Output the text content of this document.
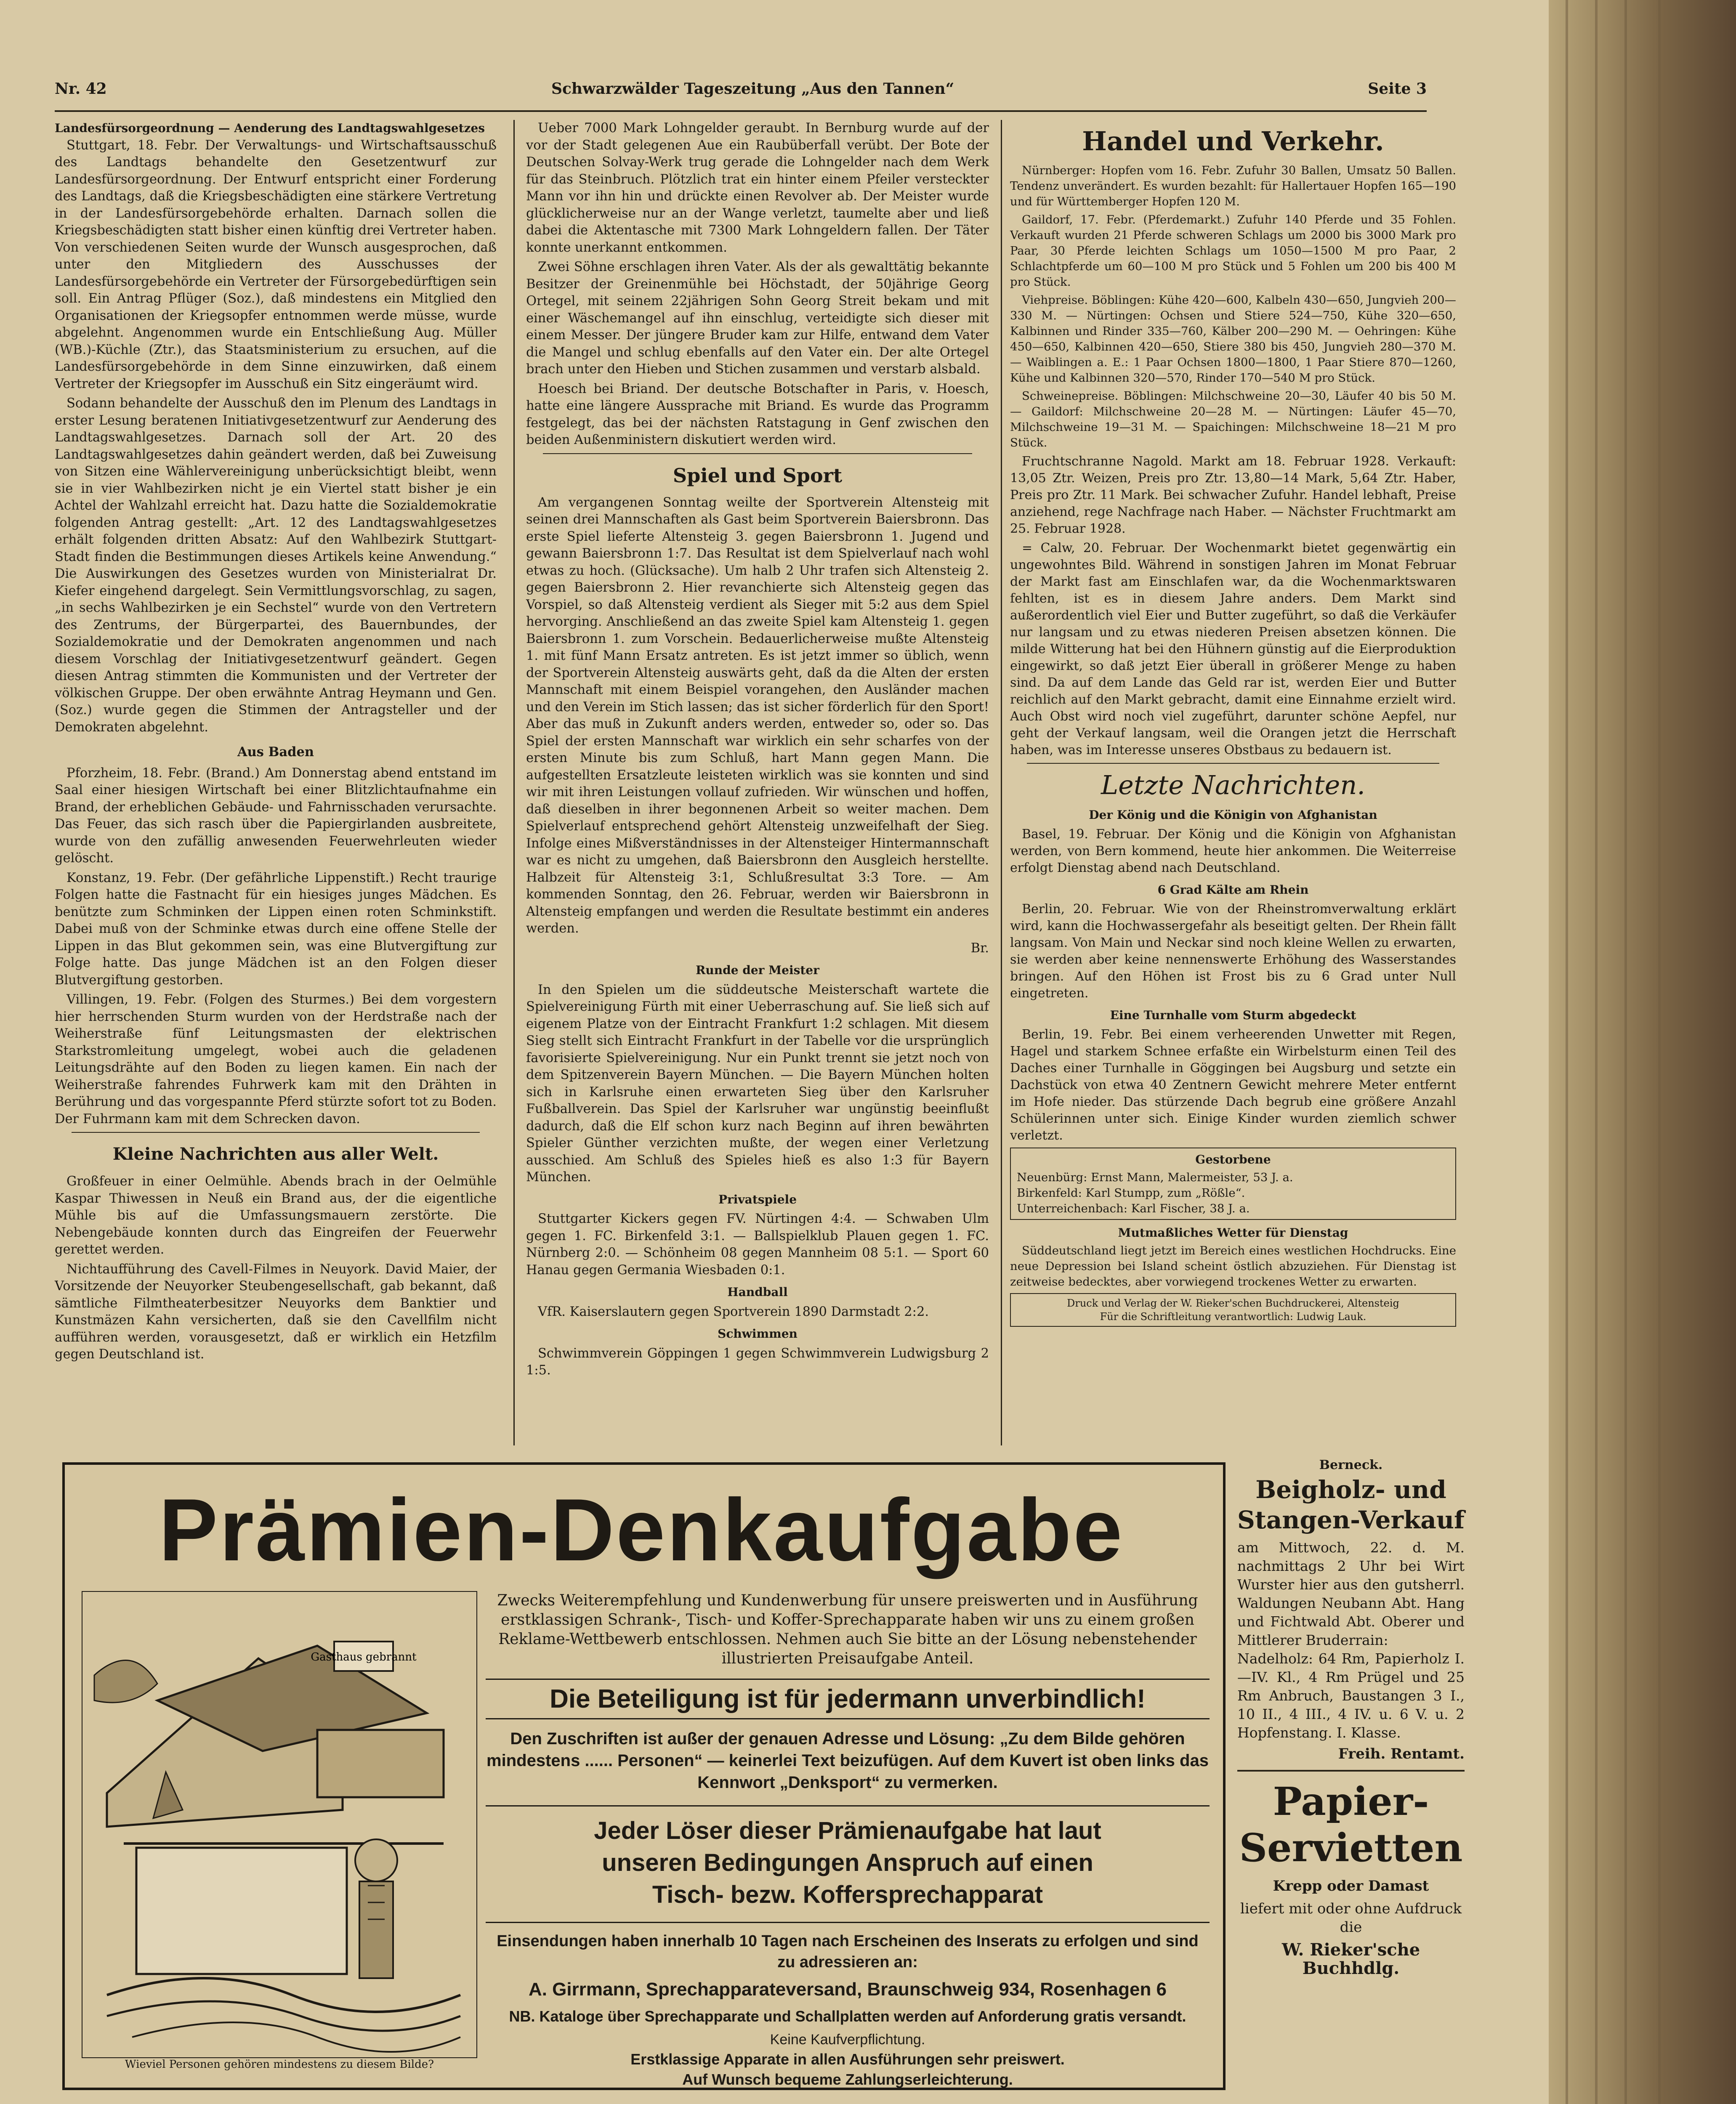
Nr. 42	Schwarzwälder Tageszeitung „Aus den Tannen“	Seite 3
Landesfürsorgeordnung — Aenderung des Landtagswahlgesetzes

Stuttgart, 18. Febr. Der Verwaltungs- und Wirtschaftsausschuß des Landtags behandelte den Gesetzentwurf zur Landesfürsorgeordnung. Der Entwurf entspricht einer Forderung des Landtags, daß die Kriegsbeschädigten eine stärkere Vertretung in der Landesfürsorgebehörde erhalten. Darnach sollen die Kriegsbeschädigten statt bisher einen künftig drei Vertreter haben. Von verschiedenen Seiten wurde der Wunsch ausgesprochen, daß unter den Mitgliedern des Ausschusses der Landesfürsorgebehörde ein Vertreter der Fürsorgebedürftigen sein soll. Ein Antrag Pflüger (Soz.), daß mindestens ein Mitglied den Organisationen der Kriegsopfer entnommen werde müsse, wurde abgelehnt. Angenommen wurde ein Entschließung Aug. Müller (WB.)-Küchle (Ztr.), das Staatsministerium zu ersuchen, auf die Landesfürsorgebehörde in dem Sinne einzuwirken, daß einem Vertreter der Kriegsopfer im Ausschuß ein Sitz eingeräumt wird.

Sodann behandelte der Ausschuß den im Plenum des Landtags in erster Lesung beratenen Initiativgesetzentwurf zur Aenderung des Landtagswahlgesetzes. Darnach soll der Art. 20 des Landtagswahlgesetzes dahin geändert werden, daß bei Zuweisung von Sitzen eine Wählervereinigung unberücksichtigt bleibt, wenn sie in vier Wahlbezirken nicht je ein Viertel statt bisher je ein Achtel der Wahlzahl erreicht hat. Dazu hatte die Sozialdemokratie folgenden Antrag gestellt: „Art. 12 des Landtagswahlgesetzes erhält folgenden dritten Absatz: Auf den Wahlbezirk Stuttgart-Stadt finden die Bestimmungen dieses Artikels keine Anwendung.“ Die Auswirkungen des Gesetzes wurden von Ministerialrat Dr. Kiefer eingehend dargelegt. Sein Vermittlungsvorschlag, zu sagen, „in sechs Wahlbezirken je ein Sechstel“ wurde von den Vertretern des Zentrums, der Bürgerpartei, des Bauernbundes, der Sozialdemokratie und der Demokraten angenommen und nach diesem Vorschlag der Initiativgesetzentwurf geändert. Gegen diesen Antrag stimmten die Kommunisten und der Vertreter der völkischen Gruppe. Der oben erwähnte Antrag Heymann und Gen. (Soz.) wurde gegen die Stimmen der Antragsteller und der Demokraten abgelehnt.

Aus Baden

Pforzheim, 18. Febr. (Brand.) Am Donnerstag abend entstand im Saal einer hiesigen Wirtschaft bei einer Blitzlichtaufnahme ein Brand, der erheblichen Gebäude- und Fahrnisschaden verursachte. Das Feuer, das sich rasch über die Papiergirlanden ausbreitete, wurde von den zufällig anwesenden Feuerwehrleuten wieder gelöscht.

Konstanz, 19. Febr. (Der gefährliche Lippenstift.) Recht traurige Folgen hatte die Fastnacht für ein hiesiges junges Mädchen. Es benützte zum Schminken der Lippen einen roten Schminkstift. Dabei muß von der Schminke etwas durch eine offene Stelle der Lippen in das Blut gekommen sein, was eine Blutvergiftung zur Folge hatte. Das junge Mädchen ist an den Folgen dieser Blutvergiftung gestorben.

Villingen, 19. Febr. (Folgen des Sturmes.) Bei dem vorgestern hier herrschenden Sturm wurden von der Herdstraße nach der Weiherstraße fünf Leitungsmasten der elektrischen Starkstromleitung umgelegt, wobei auch die geladenen Leitungsdrähte auf den Boden zu liegen kamen. Ein nach der Weiherstraße fahrendes Fuhrwerk kam mit den Drähten in Berührung und das vorgespannte Pferd stürzte sofort tot zu Boden. Der Fuhrmann kam mit dem Schrecken davon.

Kleine Nachrichten aus aller Welt.

Großfeuer in einer Oelmühle. Abends brach in der Oelmühle Kaspar Thiwessen in Neuß ein Brand aus, der die eigentliche Mühle bis auf die Umfassungsmauern zerstörte. Die Nebengebäude konnten durch das Eingreifen der Feuerwehr gerettet werden.

Nichtaufführung des Cavell-Filmes in Neuyork. David Maier, der Vorsitzende der Neuyorker Steubengesellschaft, gab bekannt, daß sämtliche Filmtheaterbesitzer Neuyorks dem Banktier und Kunstmäzen Kahn versicherten, daß sie den Cavellfilm nicht aufführen werden, vorausgesetzt, daß er wirklich ein Hetzfilm gegen Deutschland ist.

Ueber 7000 Mark Lohngelder geraubt. In Bernburg wurde auf der vor der Stadt gelegenen Aue ein Raubüberfall verübt. Der Bote der Deutschen Solvay-Werk trug gerade die Lohngelder nach dem Werk für das Steinbruch. Plötzlich trat ein hinter einem Pfeiler versteckter Mann vor ihn hin und drückte einen Revolver ab. Der Meister wurde glücklicherweise nur an der Wange verletzt, taumelte aber und ließ dabei die Aktentasche mit 7300 Mark Lohngeldern fallen. Der Täter konnte unerkannt entkommen.

Zwei Söhne erschlagen ihren Vater. Als der als gewalttätig bekannte Besitzer der Greinenmühle bei Höchstadt, der 50jährige Georg Ortegel, mit seinem 22jährigen Sohn Georg Streit bekam und mit einer Wäschemangel auf ihn einschlug, verteidigte sich dieser mit einem Messer. Der jüngere Bruder kam zur Hilfe, entwand dem Vater die Mangel und schlug ebenfalls auf den Vater ein. Der alte Ortegel brach unter den Hieben und Stichen zusammen und verstarb alsbald.

Hoesch bei Briand. Der deutsche Botschafter in Paris, v. Hoesch, hatte eine längere Aussprache mit Briand. Es wurde das Programm festgelegt, das bei der nächsten Ratstagung in Genf zwischen den beiden Außenministern diskutiert werden wird.

Spiel und Sport

Am vergangenen Sonntag weilte der Sportverein Altensteig mit seinen drei Mannschaften als Gast beim Sportverein Baiersbronn. Das erste Spiel lieferte Altensteig 3. gegen Baiersbronn 1. Jugend und gewann Baiersbronn 1:7. Das Resultat ist dem Spielverlauf nach wohl etwas zu hoch. (Glücksache). Um halb 2 Uhr trafen sich Altensteig 2. gegen Baiersbronn 2. Hier revanchierte sich Altensteig gegen das Vorspiel, so daß Altensteig verdient als Sieger mit 5:2 aus dem Spiel hervorging. Anschließend an das zweite Spiel kam Altensteig 1. gegen Baiersbronn 1. zum Vorschein. Bedauerlicherweise mußte Altensteig 1. mit fünf Mann Ersatz antreten. Es ist jetzt immer so üblich, wenn der Sportverein Altensteig auswärts geht, daß da die Alten der ersten Mannschaft mit einem Beispiel vorangehen, den Ausländer machen und den Verein im Stich lassen; das ist sicher förderlich für den Sport! Aber das muß in Zukunft anders werden, entweder so, oder so. Das Spiel der ersten Mannschaft war wirklich ein sehr scharfes von der ersten Minute bis zum Schluß, hart Mann gegen Mann. Die aufgestellten Ersatzleute leisteten wirklich was sie konnten und sind wir mit ihren Leistungen vollauf zufrieden. Wir wünschen und hoffen, daß dieselben in ihrer begonnenen Arbeit so weiter machen. Dem Spielverlauf entsprechend gehört Altensteig unzweifelhaft der Sieg. Infolge eines Mißverständnisses in der Altensteiger Hintermannschaft war es nicht zu umgehen, daß Baiersbronn den Ausgleich herstellte. Halbzeit für Altensteig 3:1, Schlußresultat 3:3 Tore. — Am kommenden Sonntag, den 26. Februar, werden wir Baiersbronn in Altensteig empfangen und werden die Resultate bestimmt ein anderes werden.

Br.
Runde der Meister

In den Spielen um die süddeutsche Meisterschaft wartete die Spielvereinigung Fürth mit einer Ueberraschung auf. Sie ließ sich auf eigenem Platze von der Eintracht Frankfurt 1:2 schlagen. Mit diesem Sieg stellt sich Eintracht Frankfurt in der Tabelle vor die ursprünglich favorisierte Spielvereinigung. Nur ein Punkt trennt sie jetzt noch von dem Spitzenverein Bayern München. — Die Bayern München holten sich in Karlsruhe einen erwarteten Sieg über den Karlsruher Fußballverein. Das Spiel der Karlsruher war ungünstig beeinflußt dadurch, daß die Elf schon kurz nach Beginn auf ihren bewährten Spieler Günther verzichten mußte, der wegen einer Verletzung ausschied. Am Schluß des Spieles hieß es also 1:3 für Bayern München.

Privatspiele

Stuttgarter Kickers gegen FV. Nürtingen 4:4. — Schwaben Ulm gegen 1. FC. Birkenfeld 3:1. — Ballspielklub Plauen gegen 1. FC. Nürnberg 2:0. — Schönheim 08 gegen Mannheim 08 5:1. — Sport 60 Hanau gegen Germania Wiesbaden 0:1.

Handball

VfR. Kaiserslautern gegen Sportverein 1890 Darmstadt 2:2.

Schwimmen

Schwimmverein Göppingen 1 gegen Schwimmverein Ludwigsburg 2 1:5.

Handel und Verkehr.

Nürnberger: Hopfen vom 16. Febr. Zufuhr 30 Ballen, Umsatz 50 Ballen. Tendenz unverändert. Es wurden bezahlt: für Hallertauer Hopfen 165—190 und für Württemberger Hopfen 120 M.

Gaildorf, 17. Febr. (Pferdemarkt.) Zufuhr 140 Pferde und 35 Fohlen. Verkauft wurden 21 Pferde schweren Schlags um 2000 bis 3000 Mark pro Paar, 30 Pferde leichten Schlags um 1050—1500 M pro Paar, 2 Schlachtpferde um 60—100 M pro Stück und 5 Fohlen um 200 bis 400 M pro Stück.

Viehpreise. Böblingen: Kühe 420—600, Kalbeln 430—650, Jungvieh 200—330 M. — Nürtingen: Ochsen und Stiere 524—750, Kühe 320—650, Kalbinnen und Rinder 335—760, Kälber 200—290 M. — Oehringen: Kühe 450—650, Kalbinnen 420—650, Stiere 380 bis 450, Jungvieh 280—370 M. — Waiblingen a. E.: 1 Paar Ochsen 1800—1800, 1 Paar Stiere 870—1260, Kühe und Kalbinnen 320—570, Rinder 170—540 M pro Stück.

Schweinepreise. Böblingen: Milchschweine 20—30, Läufer 40 bis 50 M. — Gaildorf: Milchschweine 20—28 M. — Nürtingen: Läufer 45—70, Milchschweine 19—31 M. — Spaichingen: Milchschweine 18—21 M pro Stück.

Fruchtschranne Nagold. Markt am 18. Februar 1928. Verkauft: 13,05 Ztr. Weizen, Preis pro Ztr. 13,80—14 Mark, 5,64 Ztr. Haber, Preis pro Ztr. 11 Mark. Bei schwacher Zufuhr. Handel lebhaft, Preise anziehend, rege Nachfrage nach Haber. — Nächster Fruchtmarkt am 25. Februar 1928.

= Calw, 20. Februar. Der Wochenmarkt bietet gegenwärtig ein ungewohntes Bild. Während in sonstigen Jahren im Monat Februar der Markt fast am Einschlafen war, da die Wochenmarktswaren fehlten, ist es in diesem Jahre anders. Dem Markt sind außerordentlich viel Eier und Butter zugeführt, so daß die Verkäufer nur langsam und zu etwas niederen Preisen absetzen können. Die milde Witterung hat bei den Hühnern günstig auf die Eierproduktion eingewirkt, so daß jetzt Eier überall in größerer Menge zu haben sind. Da auf dem Lande das Geld rar ist, werden Eier und Butter reichlich auf den Markt gebracht, damit eine Einnahme erzielt wird. Auch Obst wird noch viel zugeführt, darunter schöne Aepfel, nur geht der Verkauf langsam, weil die Orangen jetzt die Herrschaft haben, was im Interesse unseres Obstbaus zu bedauern ist.

Letzte Nachrichten.
Der König und die Königin von Afghanistan

Basel, 19. Februar. Der König und die Königin von Afghanistan werden, von Bern kommend, heute hier ankommen. Die Weiterreise erfolgt Dienstag abend nach Deutschland.

6 Grad Kälte am Rhein

Berlin, 20. Februar. Wie von der Rheinstromverwaltung erklärt wird, kann die Hochwassergefahr als beseitigt gelten. Der Rhein fällt langsam. Von Main und Neckar sind noch kleine Wellen zu erwarten, sie werden aber keine nennenswerte Erhöhung des Wasserstandes bringen. Auf den Höhen ist Frost bis zu 6 Grad unter Null eingetreten.

Eine Turnhalle vom Sturm abgedeckt

Berlin, 19. Febr. Bei einem verheerenden Unwetter mit Regen, Hagel und starkem Schnee erfaßte ein Wirbelsturm einen Teil des Daches einer Turnhalle in Göggingen bei Augsburg und setzte ein Dachstück von etwa 40 Zentnern Gewicht mehrere Meter entfernt im Hofe nieder. Das stürzende Dach begrub eine größere Anzahl Schülerinnen unter sich. Einige Kinder wurden ziemlich schwer verletzt.

Gestorbene
Neuenbürg: Ernst Mann, Malermeister, 53 J. a.
Birkenfeld: Karl Stumpp, zum „Rößle“.
Unterreichenbach: Karl Fischer, 38 J. a.
Mutmaßliches Wetter für Dienstag

Süddeutschland liegt jetzt im Bereich eines westlichen Hochdrucks. Eine neue Depression bei Island scheint östlich abzuziehen. Für Dienstag ist zeitweise bedecktes, aber vorwiegend trockenes Wetter zu erwarten.

Druck und Verlag der W. Rieker'schen Buchdruckerei, Altensteig
Für die Schriftleitung verantwortlich: Ludwig Lauk.
Prämien-Denkaufgabe
Gasthaus gebrannt
Wieviel Personen gehören mindestens zu diesem Bilde?
Zwecks Weiterempfehlung und Kundenwerbung für unsere preiswerten und in Ausführung erstklassigen Schrank-, Tisch- und Koffer-Sprechapparate haben wir uns zu einem großen Reklame-Wettbewerb entschlossen. Nehmen auch Sie bitte an der Lösung nebenstehender illustrierten Preisaufgabe Anteil.
Die Beteiligung ist für jedermann unverbindlich!
Den Zuschriften ist außer der genauen Adresse und Lösung: „Zu dem Bilde gehören mindestens ...... Personen“ — keinerlei Text beizufügen. Auf dem Kuvert ist oben links das Kennwort „Denksport“ zu vermerken.
Jeder Löser dieser Prämienaufgabe hat laut
unseren Bedingungen Anspruch auf einen
Tisch- bezw. Koffersprechapparat
Einsendungen haben innerhalb 10 Tagen nach Erscheinen des Inserats zu erfolgen und sind zu adressieren an:
A. Girrmann, Sprechapparateversand, Braunschweig 934, Rosenhagen 6
NB. Kataloge über Sprechapparate und Schallplatten werden auf Anforderung gratis versandt.
Keine Kaufverpflichtung.
Erstklassige Apparate in allen Ausführungen sehr preiswert.
Auf Wunsch bequeme Zahlungserleichterung.
Berneck.
Beigholz- und
Stangen-Verkauf
am Mittwoch, 22. d. M. nachmittags 2 Uhr bei Wirt Wurster hier aus den gutsherrl. Waldungen Neubann Abt. Hang und Fichtwald Abt. Oberer und Mittlerer Bruderrain:
Nadelholz: 64 Rm, Papierholz I.—IV. Kl., 4 Rm Prügel und 25 Rm Anbruch, Baustangen 3 I., 10 II., 4 III., 4 IV. u. 6 V. u. 2 Hopfenstang. I. Klasse.
Freih. Rentamt.
Papier-
Servietten
Krepp oder Damast
liefert mit oder ohne Aufdruck die
W. Rieker'sche Buchhdlg.
